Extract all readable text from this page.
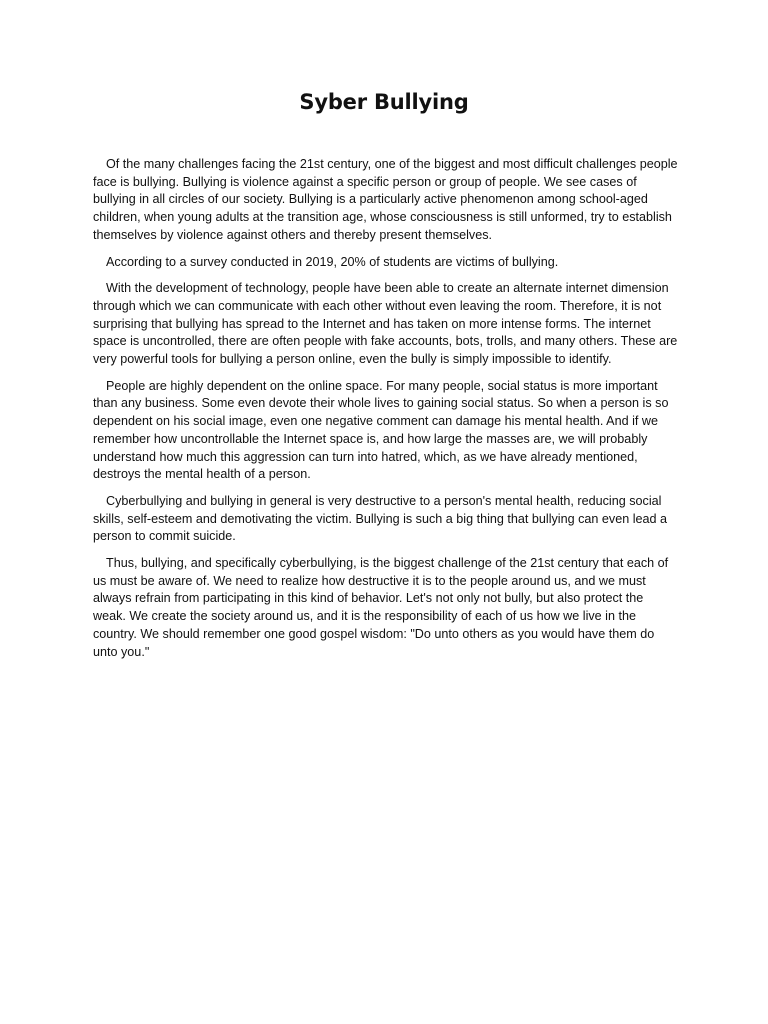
Syber Bullying

Of the many challenges facing the 21st century, one of the biggest and most difficult challenges people face is bullying. Bullying is violence against a specific person or group of people. We see cases of bullying in all circles of our society. Bullying is a particularly active phenomenon among school-aged children, when young adults at the transition age, whose consciousness is still unformed, try to establish themselves by violence against others and thereby present themselves.

According to a survey conducted in 2019, 20% of students are victims of bullying.

With the development of technology, people have been able to create an alternate internet dimension through which we can communicate with each other without even leaving the room. Therefore, it is not surprising that bullying has spread to the Internet and has taken on more intense forms. The internet space is uncontrolled, there are often people with fake accounts, bots, trolls, and many others. These are very powerful tools for bullying a person online, even the bully is simply impossible to identify.

People are highly dependent on the online space. For many people, social status is more important than any business. Some even devote their whole lives to gaining social status. So when a person is so dependent on his social image, even one negative comment can damage his mental health. And if we remember how uncontrollable the Internet space is, and how large the masses are, we will probably understand how much this aggression can turn into hatred, which, as we have already mentioned, destroys the mental health of a person.

Cyberbullying and bullying in general is very destructive to a person's mental health, reducing social skills, self-esteem and demotivating the victim. Bullying is such a big thing that bullying can even lead a person to commit suicide.

Thus, bullying, and specifically cyberbullying, is the biggest challenge of the 21st century that each of us must be aware of. We need to realize how destructive it is to the people around us, and we must always refrain from participating in this kind of behavior. Let's not only not bully, but also protect the weak. We create the society around us, and it is the responsibility of each of us how we live in the country. We should remember one good gospel wisdom: "Do unto others as you would have them do unto you."
